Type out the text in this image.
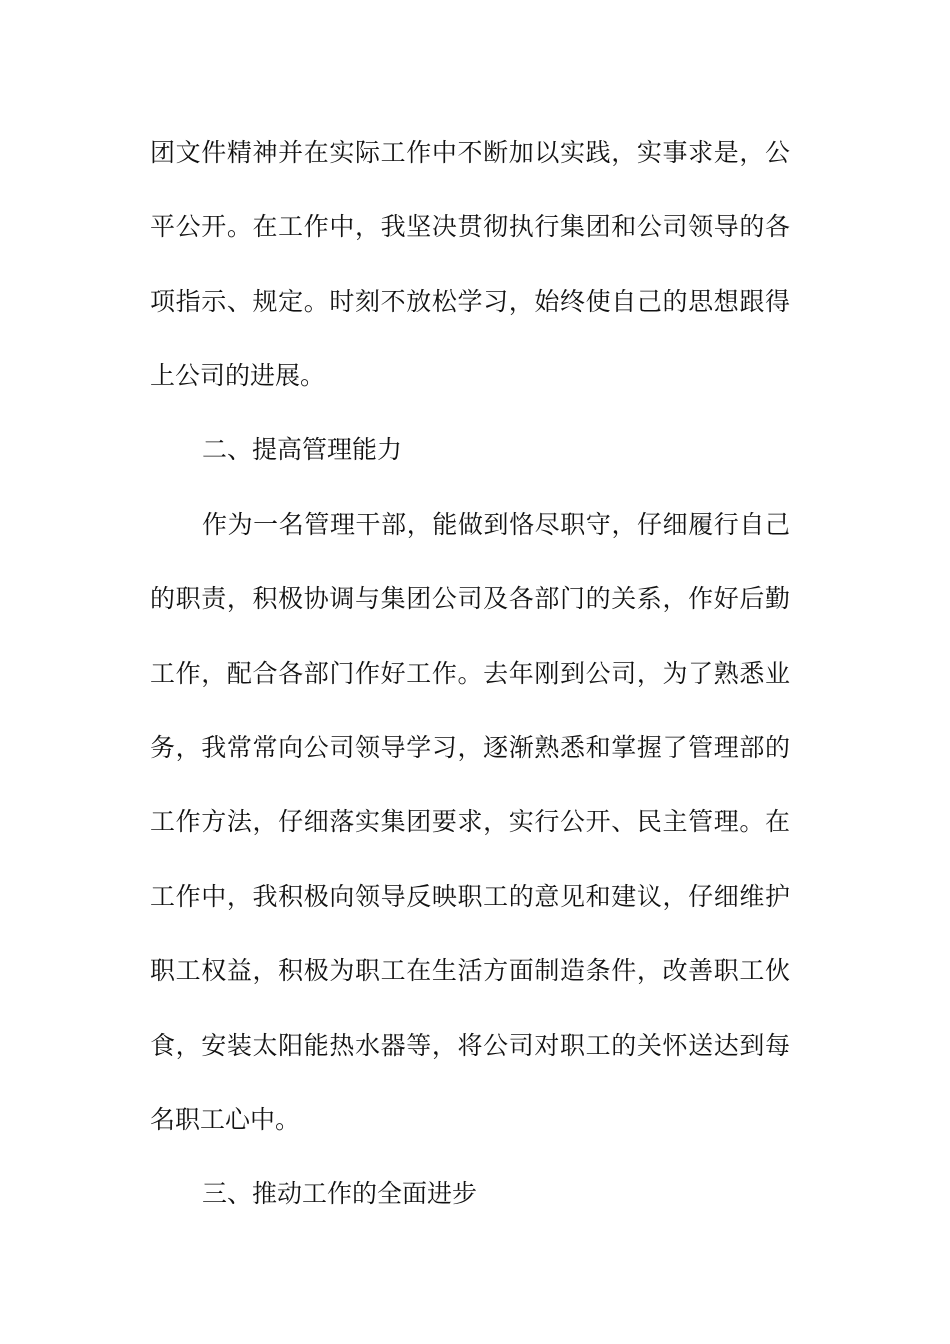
团文件精神并在实际工作中不断加以实践，实事求是，公
平公开。在工作中，我坚决贯彻执行集团和公司领导的各
项指示、规定。时刻不放松学习，始终使自己的思想跟得
上公司的进展。
二、提高管理能力
作为一名管理干部，能做到恪尽职守，仔细履行自己
的职责，积极协调与集团公司及各部门的关系，作好后勤
工作，配合各部门作好工作。去年刚到公司，为了熟悉业
务，我常常向公司领导学习，逐渐熟悉和掌握了管理部的
工作方法，仔细落实集团要求，实行公开、民主管理。在
工作中，我积极向领导反映职工的意见和建议，仔细维护
职工权益，积极为职工在生活方面制造条件，改善职工伙
食，安装太阳能热水器等，将公司对职工的关怀送达到每
名职工心中。
三、推动工作的全面进步
